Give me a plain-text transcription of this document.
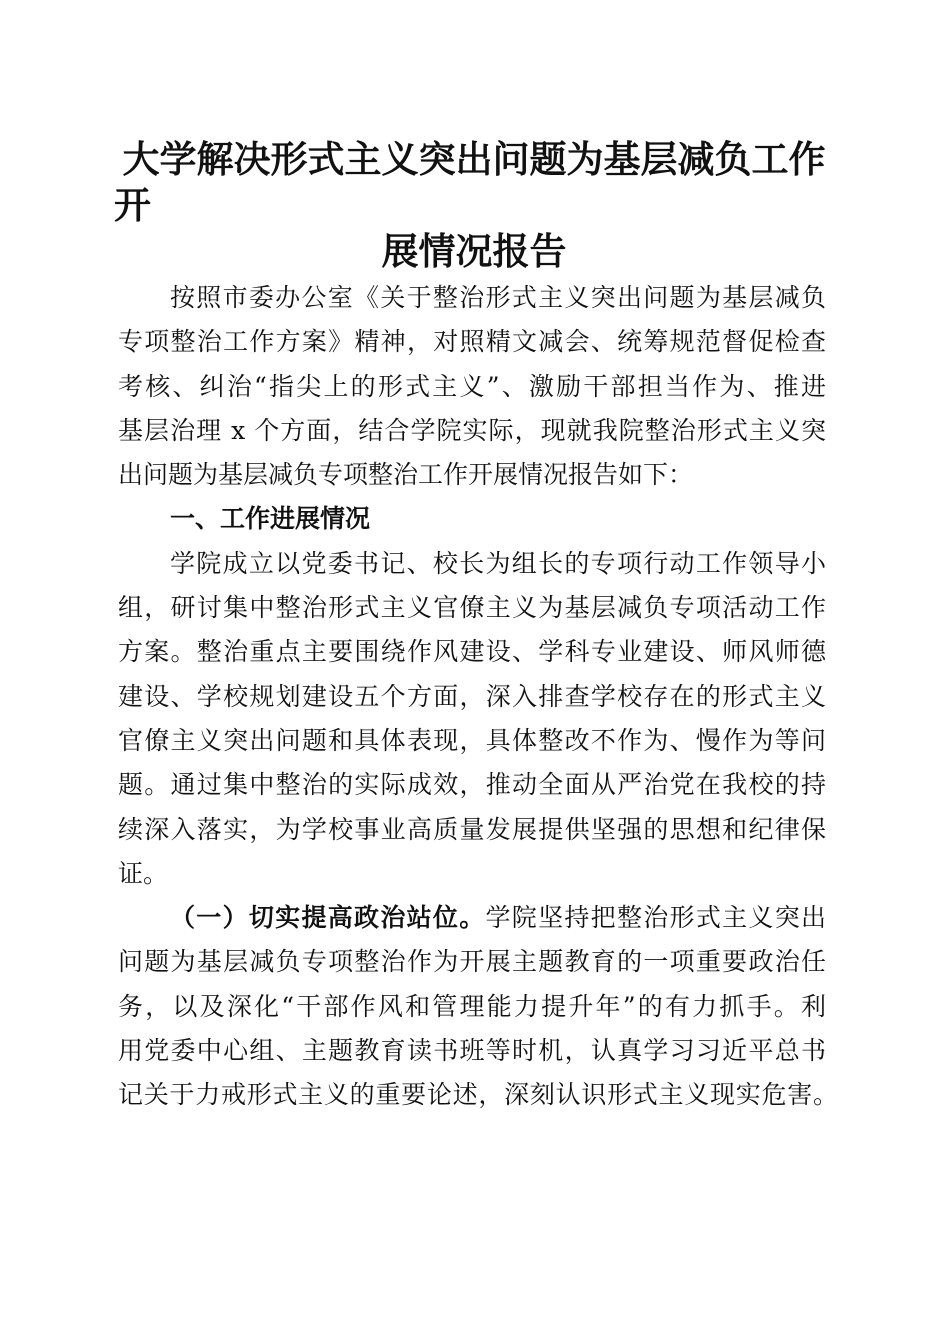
大学解决形式主义突出问题为基层减负工作开
展情况报告
按照市委办公室《关于整治形式主义突出问题为基层减负
专项整治工作方案》精神，对照精文减会、统筹规范督促检查
考核、纠治“指尖上的形式主义”、激励干部担当作为、推进
基层治理 x 个方面，结合学院实际，现就我院整治形式主义突
出问题为基层减负专项整治工作开展情况报告如下：
一、工作进展情况
学院成立以党委书记、校长为组长的专项行动工作领导小
组，研讨集中整治形式主义官僚主义为基层减负专项活动工作
方案。整治重点主要围绕作风建设、学科专业建设、师风师德
建设、学校规划建设五个方面，深入排查学校存在的形式主义
官僚主义突出问题和具体表现，具体整改不作为、慢作为等问
题。通过集中整治的实际成效，推动全面从严治党在我校的持
续深入落实，为学校事业高质量发展提供坚强的思想和纪律保
证。
（一）切实提高政治站位。学院坚持把整治形式主义突出
问题为基层减负专项整治作为开展主题教育的一项重要政治任
务，以及深化“干部作风和管理能力提升年”的有力抓手。利
用党委中心组、主题教育读书班等时机，认真学习习近平总书
记关于力戒形式主义的重要论述，深刻认识形式主义现实危害。
